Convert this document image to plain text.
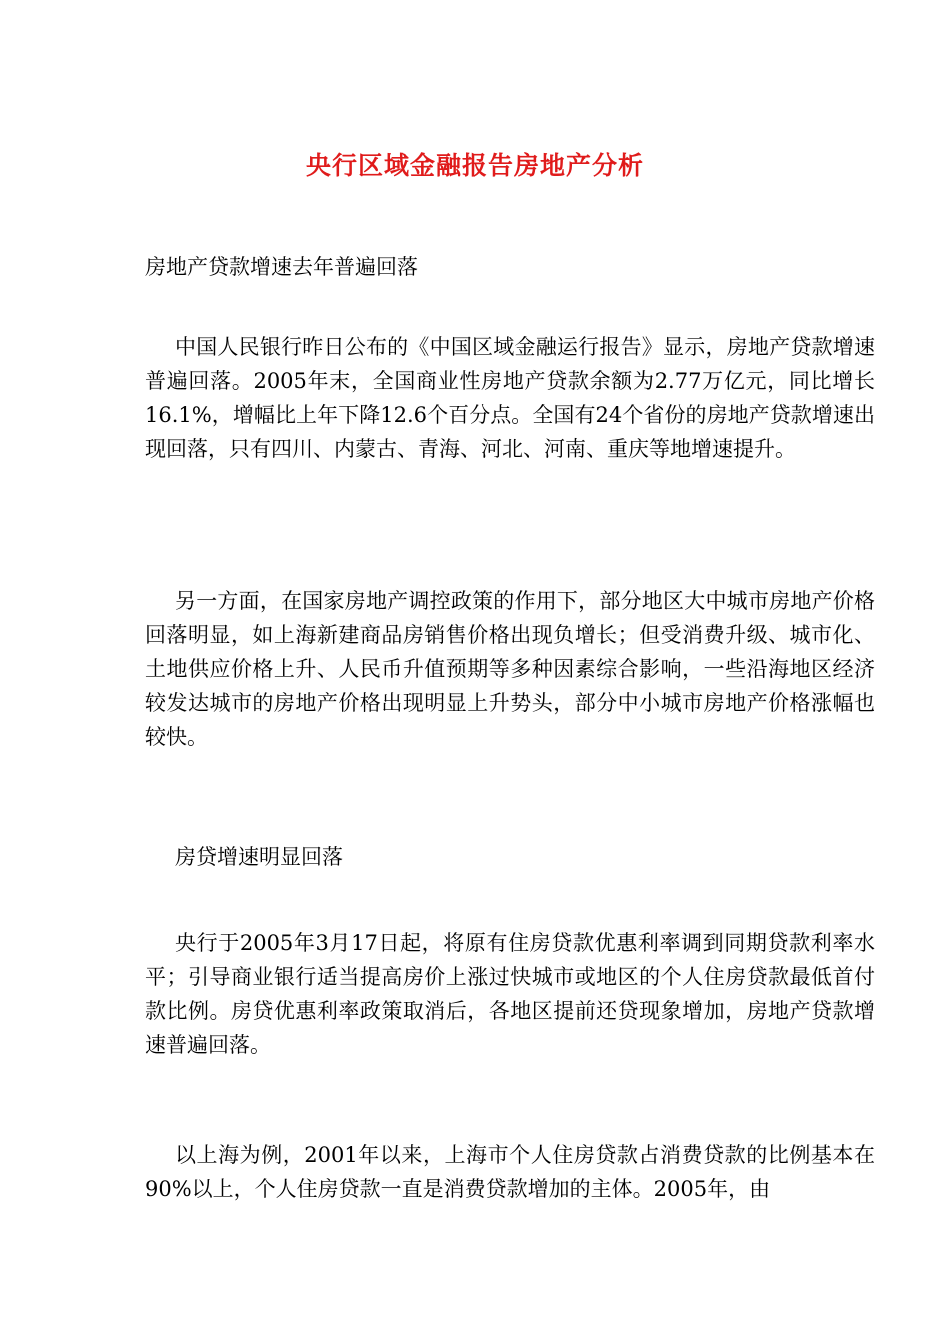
央行区域金融报告房地产分析

房地产贷款增速去年普遍回落

中国人民银行昨日公布的《中国区域金融运行报告》显示，房地产贷款增速普遍回落。2005年末，全国商业性房地产贷款余额为2.77万亿元，同比增长16.1%，增幅比上年下降12.6个百分点。全国有24个省份的房地产贷款增速出现回落，只有四川、内蒙古、青海、河北、河南、重庆等地增速提升。

另一方面，在国家房地产调控政策的作用下，部分地区大中城市房地产价格回落明显，如上海新建商品房销售价格出现负增长；但受消费升级、城市化、土地供应价格上升、人民币升值预期等多种因素综合影响，一些沿海地区经济较发达城市的房地产价格出现明显上升势头，部分中小城市房地产价格涨幅也较快。

房贷增速明显回落

央行于2005年3月17日起，将原有住房贷款优惠利率调到同期贷款利率水平；引导商业银行适当提高房价上涨过快城市或地区的个人住房贷款最低首付款比例。房贷优惠利率政策取消后，各地区提前还贷现象增加，房地产贷款增速普遍回落。

以上海为例，2001年以来，上海市个人住房贷款占消费贷款的比例基本在90%以上，个人住房贷款一直是消费贷款增加的主体。2005年，由
